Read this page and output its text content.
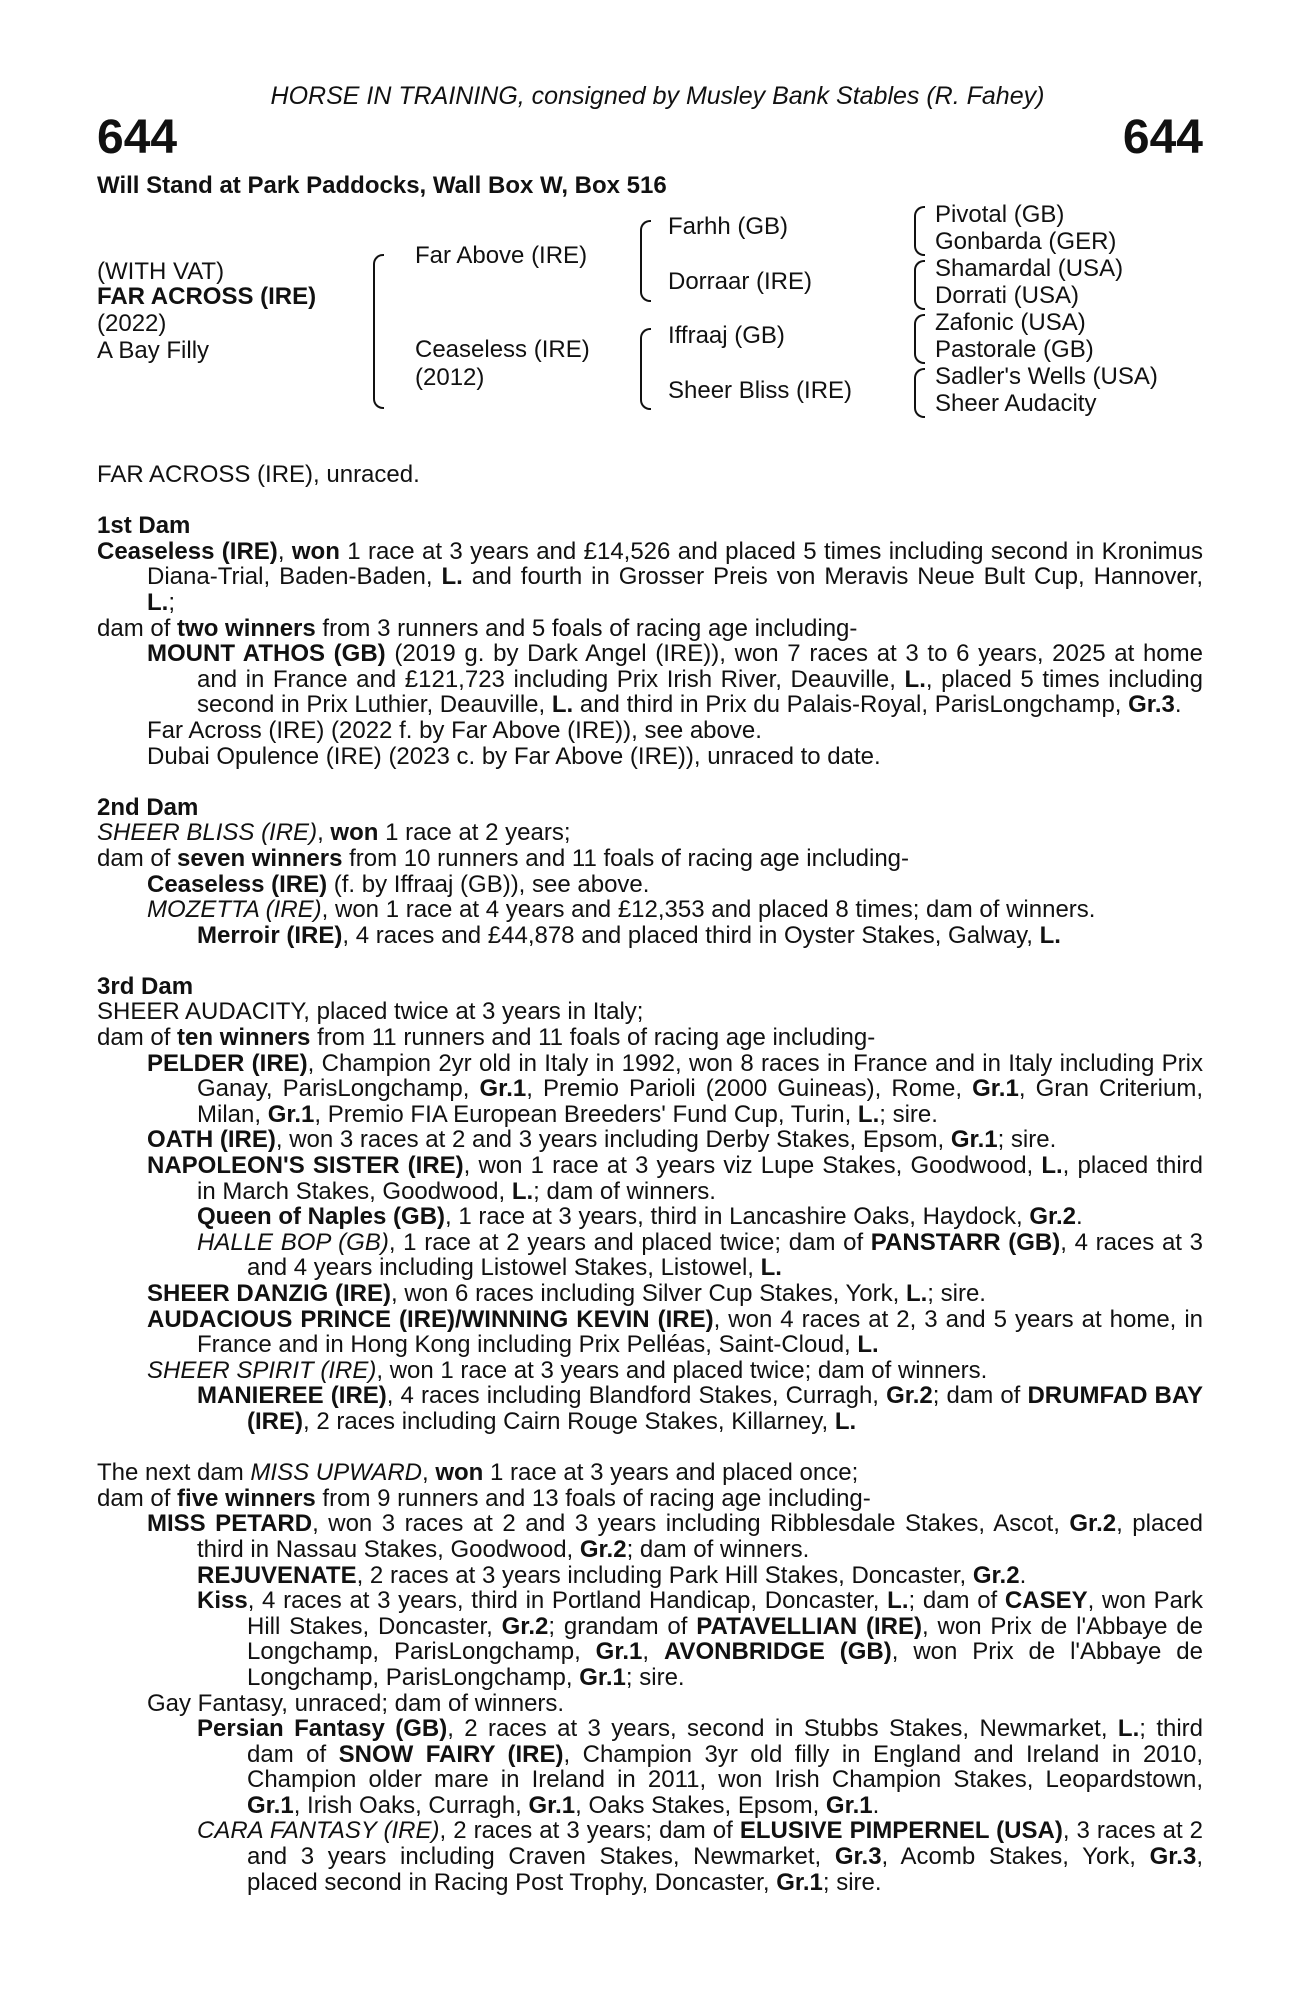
HORSE IN TRAINING, consigned by Musley Bank Stables (R. Fahey)
644	644
Will Stand at Park Paddocks, Wall Box W, Box 516
(WITH VAT)
FAR ACROSS (IRE)
(2022)
A Bay Filly
Far Above (IRE)
Ceaseless (IRE)
(2012)
Farhh (GB)
Dorraar (IRE)
Iffraaj (GB)
Sheer Bliss (IRE)
Pivotal (GB)
Gonbarda (GER)
Shamardal (USA)
Dorrati (USA)
Zafonic (USA)
Pastorale (GB)
Sadler's Wells (USA)
Sheer Audacity

FAR ACROSS (IRE), unraced.

1st Dam

Ceaseless (IRE), won 1 race at 3 years and £14,526 and placed 5 times including second in Kronimus Diana-Trial, Baden-Baden, L. and fourth in Grosser Preis von Meravis Neue Bult Cup, Hannover, L.;

dam of two winners from 3 runners and 5 foals of racing age including-

MOUNT ATHOS (GB) (2019 g. by Dark Angel (IRE)), won 7 races at 3 to 6 years, 2025 at home and in France and £121,723 including Prix Irish River, Deauville, L., placed 5 times including second in Prix Luthier, Deauville, L. and third in Prix du Palais-Royal, ParisLongchamp, Gr.3.

Far Across (IRE) (2022 f. by Far Above (IRE)), see above.

Dubai Opulence (IRE) (2023 c. by Far Above (IRE)), unraced to date.

2nd Dam

SHEER BLISS (IRE), won 1 race at 2 years;

dam of seven winners from 10 runners and 11 foals of racing age including-

Ceaseless (IRE) (f. by Iffraaj (GB)), see above.

MOZETTA (IRE), won 1 race at 4 years and £12,353 and placed 8 times; dam of winners.

Merroir (IRE), 4 races and £44,878 and placed third in Oyster Stakes, Galway, L.

3rd Dam

SHEER AUDACITY, placed twice at 3 years in Italy;

dam of ten winners from 11 runners and 11 foals of racing age including-

PELDER (IRE), Champion 2yr old in Italy in 1992, won 8 races in France and in Italy including Prix Ganay, ParisLongchamp, Gr.1, Premio Parioli (2000 Guineas), Rome, Gr.1, Gran Criterium, Milan, Gr.1, Premio FIA European Breeders' Fund Cup, Turin, L.; sire.

OATH (IRE), won 3 races at 2 and 3 years including Derby Stakes, Epsom, Gr.1; sire.

NAPOLEON'S SISTER (IRE), won 1 race at 3 years viz Lupe Stakes, Goodwood, L., placed third in March Stakes, Goodwood, L.; dam of winners.

Queen of Naples (GB), 1 race at 3 years, third in Lancashire Oaks, Haydock, Gr.2.

HALLE BOP (GB), 1 race at 2 years and placed twice; dam of PANSTARR (GB), 4 races at 3 and 4 years including Listowel Stakes, Listowel, L.

SHEER DANZIG (IRE), won 6 races including Silver Cup Stakes, York, L.; sire.

AUDACIOUS PRINCE (IRE)/WINNING KEVIN (IRE), won 4 races at 2, 3 and 5 years at home, in France and in Hong Kong including Prix Pelléas, Saint-Cloud, L.

SHEER SPIRIT (IRE), won 1 race at 3 years and placed twice; dam of winners.

MANIEREE (IRE), 4 races including Blandford Stakes, Curragh, Gr.2; dam of DRUMFAD BAY (IRE), 2 races including Cairn Rouge Stakes, Killarney, L.

The next dam MISS UPWARD, won 1 race at 3 years and placed once;

dam of five winners from 9 runners and 13 foals of racing age including-

MISS PETARD, won 3 races at 2 and 3 years including Ribblesdale Stakes, Ascot, Gr.2, placed third in Nassau Stakes, Goodwood, Gr.2; dam of winners.

REJUVENATE, 2 races at 3 years including Park Hill Stakes, Doncaster, Gr.2.

Kiss, 4 races at 3 years, third in Portland Handicap, Doncaster, L.; dam of CASEY, won Park Hill Stakes, Doncaster, Gr.2; grandam of PATAVELLIAN (IRE), won Prix de l'Abbaye de Longchamp, ParisLongchamp, Gr.1, AVONBRIDGE (GB), won Prix de l'Abbaye de Longchamp, ParisLongchamp, Gr.1; sire.

Gay Fantasy, unraced; dam of winners.

Persian Fantasy (GB), 2 races at 3 years, second in Stubbs Stakes, Newmarket, L.; third dam of SNOW FAIRY (IRE), Champion 3yr old filly in England and Ireland in 2010, Champion older mare in Ireland in 2011, won Irish Champion Stakes, Leopardstown, Gr.1, Irish Oaks, Curragh, Gr.1, Oaks Stakes, Epsom, Gr.1.

CARA FANTASY (IRE), 2 races at 3 years; dam of ELUSIVE PIMPERNEL (USA), 3 races at 2 and 3 years including Craven Stakes, Newmarket, Gr.3, Acomb Stakes, York, Gr.3, placed second in Racing Post Trophy, Doncaster, Gr.1; sire.
